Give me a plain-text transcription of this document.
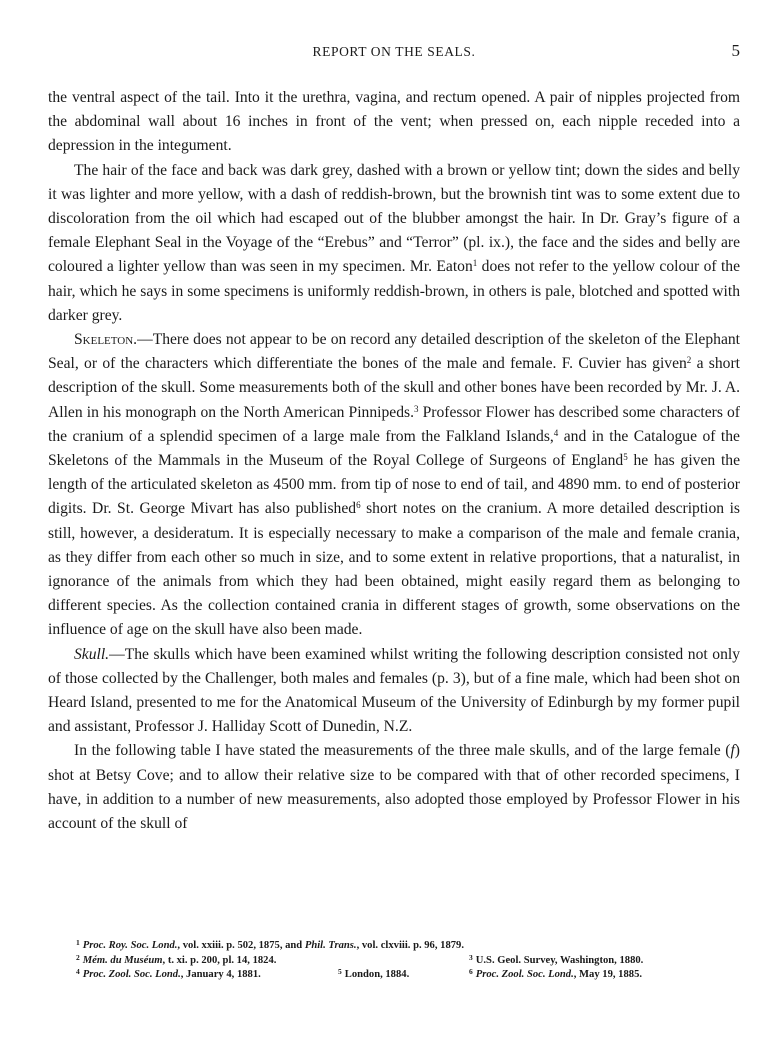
REPORT ON THE SEALS.	5

the ventral aspect of the tail. Into it the urethra, vagina, and rectum opened. A pair of nipples projected from the abdominal wall about 16 inches in front of the vent; when pressed on, each nipple receded into a depression in the integument.

The hair of the face and back was dark grey, dashed with a brown or yellow tint; down the sides and belly it was lighter and more yellow, with a dash of reddish-brown, but the brownish tint was to some extent due to discoloration from the oil which had escaped out of the blubber amongst the hair. In Dr. Gray’s figure of a female Elephant Seal in the Voyage of the “Erebus” and “Terror” (pl. ix.), the face and the sides and belly are coloured a lighter yellow than was seen in my specimen. Mr. Eaton$^1$ does not refer to the yellow colour of the hair, which he says in some specimens is uniformly reddish-brown, in others is pale, blotched and spotted with darker grey.

Skeleton.—There does not appear to be on record any detailed description of the skeleton of the Elephant Seal, or of the characters which differentiate the bones of the male and female. F. Cuvier has given$^2$ a short description of the skull. Some measurements both of the skull and other bones have been recorded by Mr. J. A. Allen in his monograph on the North American Pinnipeds.$^3$ Professor Flower has described some characters of the cranium of a splendid specimen of a large male from the Falkland Islands,$^4$ and in the Catalogue of the Skeletons of the Mammals in the Museum of the Royal College of Surgeons of England$^5$ he has given the length of the articulated skeleton as 4500 mm. from tip of nose to end of tail, and 4890 mm. to end of posterior digits. Dr. St. George Mivart has also published$^6$ short notes on the cranium. A more detailed description is still, however, a desideratum. It is especially necessary to make a comparison of the male and female crania, as they differ from each other so much in size, and to some extent in relative proportions, that a naturalist, in ignorance of the animals from which they had been obtained, might easily regard them as belonging to different species. As the collection contained crania in different stages of growth, some observations on the influence of age on the skull have also been made.

Skull.—The skulls which have been examined whilst writing the following description consisted not only of those collected by the Challenger, both males and females (p. 3), but of a fine male, which had been shot on Heard Island, presented to me for the Anatomical Museum of the University of Edinburgh by my former pupil and assistant, Professor J. Halliday Scott of Dunedin, N.Z.

In the following table I have stated the measurements of the three male skulls, and of the large female (f) shot at Betsy Cove; and to allow their relative size to be compared with that of other recorded specimens, I have, in addition to a number of new measurements, also adopted those employed by Professor Flower in his account of the skull of

$^1$ Proc. Roy. Soc. Lond., vol. xxiii. p. 502, 1875, and Phil. Trans., vol. clxviii. p. 96, 1879.
$^2$ Mém. du Muséum, t. xi. p. 200, pl. 14, 1824.	$^3$ U.S. Geol. Survey, Washington, 1880.
$^4$ Proc. Zool. Soc. Lond., January 4, 1881.	$^5$ London, 1884.	$^6$ Proc. Zool. Soc. Lond., May 19, 1885.
